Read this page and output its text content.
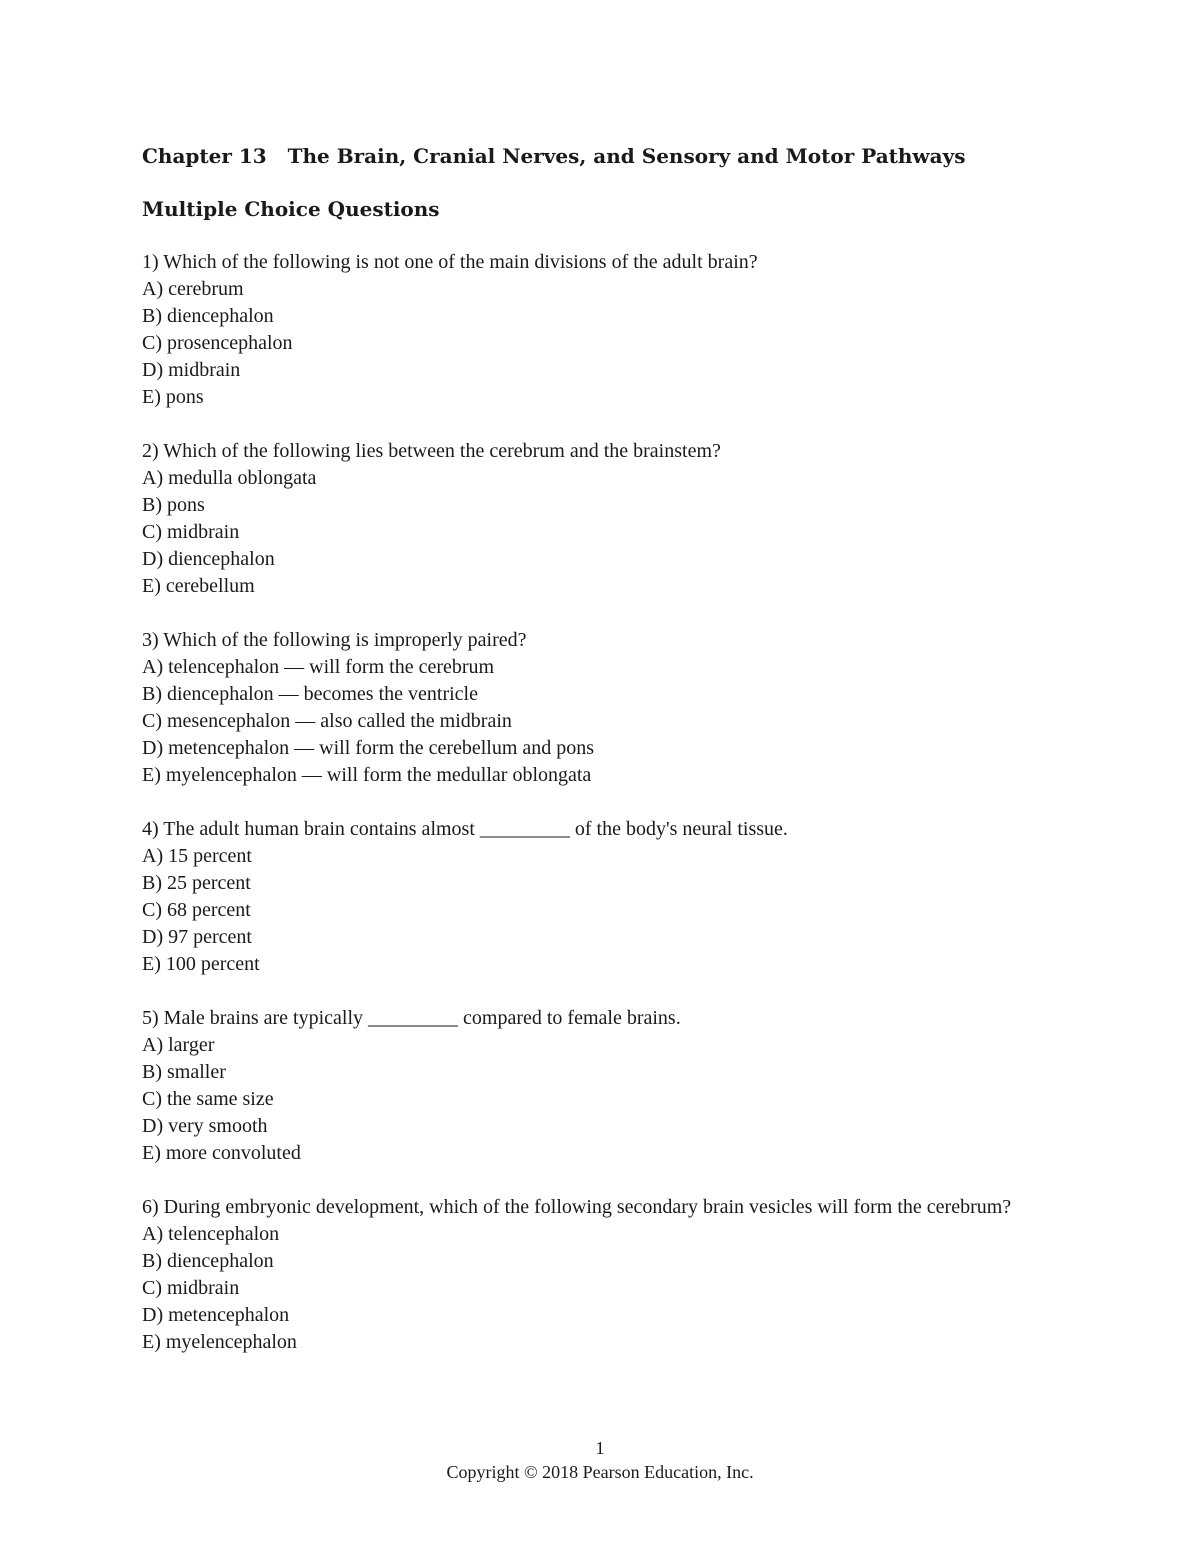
Chapter 13   The Brain, Cranial Nerves, and Sensory and Motor Pathways
Multiple Choice Questions

1) Which of the following is not one of the main divisions of the adult brain?

A) cerebrum

B) diencephalon

C) prosencephalon

D) midbrain

E) pons

2) Which of the following lies between the cerebrum and the brainstem?

A) medulla oblongata

B) pons

C) midbrain

D) diencephalon

E) cerebellum

3) Which of the following is improperly paired?

A) telencephalon — will form the cerebrum

B) diencephalon — becomes the ventricle

C) mesencephalon — also called the midbrain

D) metencephalon — will form the cerebellum and pons

E) myelencephalon — will form the medullar oblongata

4) The adult human brain contains almost _________ of the body's neural tissue.

A) 15 percent

B) 25 percent

C) 68 percent

D) 97 percent

E) 100 percent

5) Male brains are typically _________ compared to female brains.

A) larger

B) smaller

C) the same size

D) very smooth

E) more convoluted

6) During embryonic development, which of the following secondary brain vesicles will form the cerebrum?

A) telencephalon

B) diencephalon

C) midbrain

D) metencephalon

E) myelencephalon

1
Copyright © 2018 Pearson Education, Inc.
